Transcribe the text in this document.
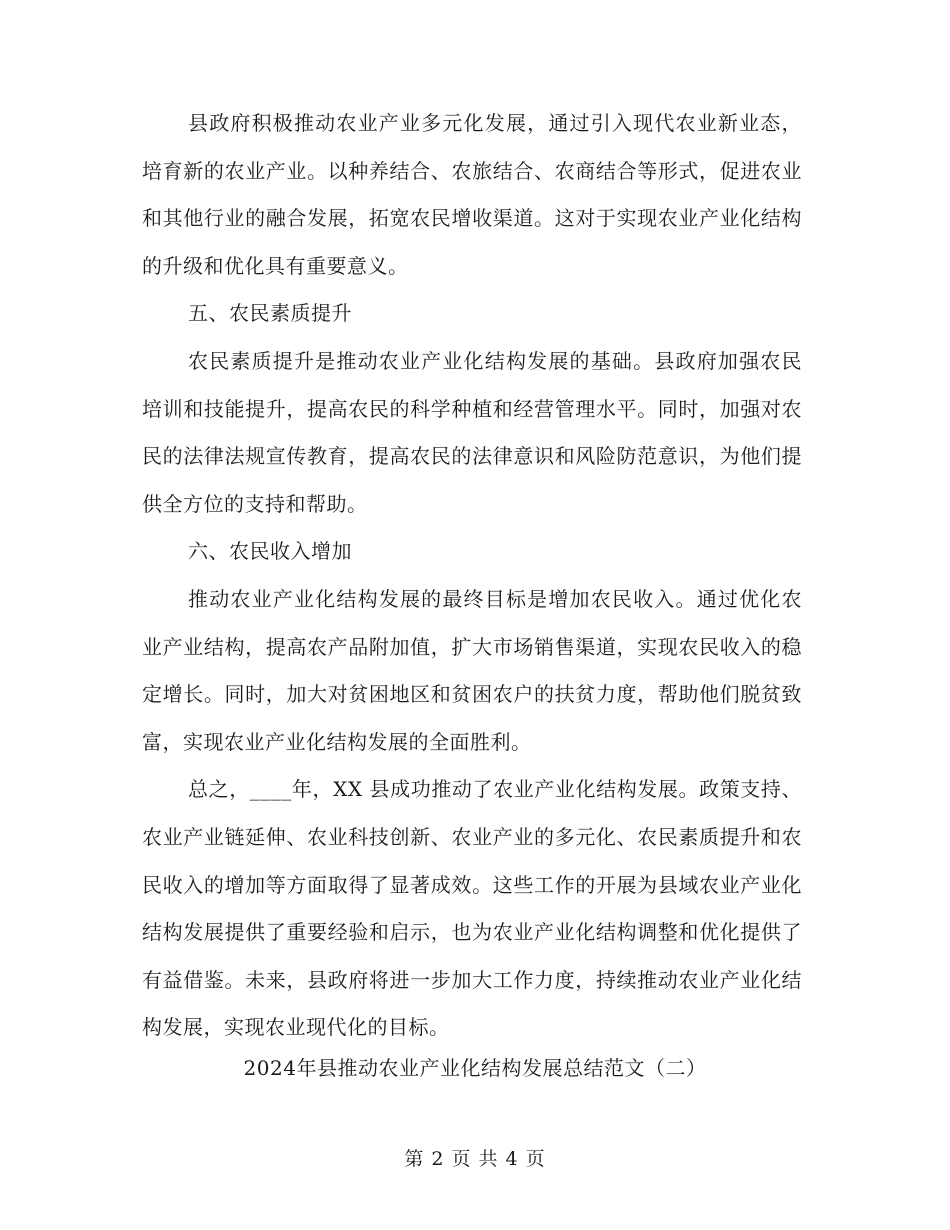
县政府积极推动农业产业多元化发展，通过引入现代农业新业态，培育新的农业产业。以种养结合、农旅结合、农商结合等形式，促进农业和其他行业的融合发展，拓宽农民增收渠道。这对于实现农业产业化结构的升级和优化具有重要意义。

五、农民素质提升

农民素质提升是推动农业产业化结构发展的基础。县政府加强农民培训和技能提升，提高农民的科学种植和经营管理水平。同时，加强对农民的法律法规宣传教育，提高农民的法律意识和风险防范意识，为他们提供全方位的支持和帮助。

六、农民收入增加

推动农业产业化结构发展的最终目标是增加农民收入。通过优化农业产业结构，提高农产品附加值，扩大市场销售渠道，实现农民收入的稳定增长。同时，加大对贫困地区和贫困农户的扶贫力度，帮助他们脱贫致富，实现农业产业化结构发展的全面胜利。

总之，____年，XX 县成功推动了农业产业化结构发展。政策支持、农业产业链延伸、农业科技创新、农业产业的多元化、农民素质提升和农民收入的增加等方面取得了显著成效。这些工作的开展为县域农业产业化结构发展提供了重要经验和启示，也为农业产业化结构调整和优化提供了有益借鉴。未来，县政府将进一步加大工作力度，持续推动农业产业化结构发展，实现农业现代化的目标。

2024年县推动农业产业化结构发展总结范文（二）
第 2 页 共 4 页
